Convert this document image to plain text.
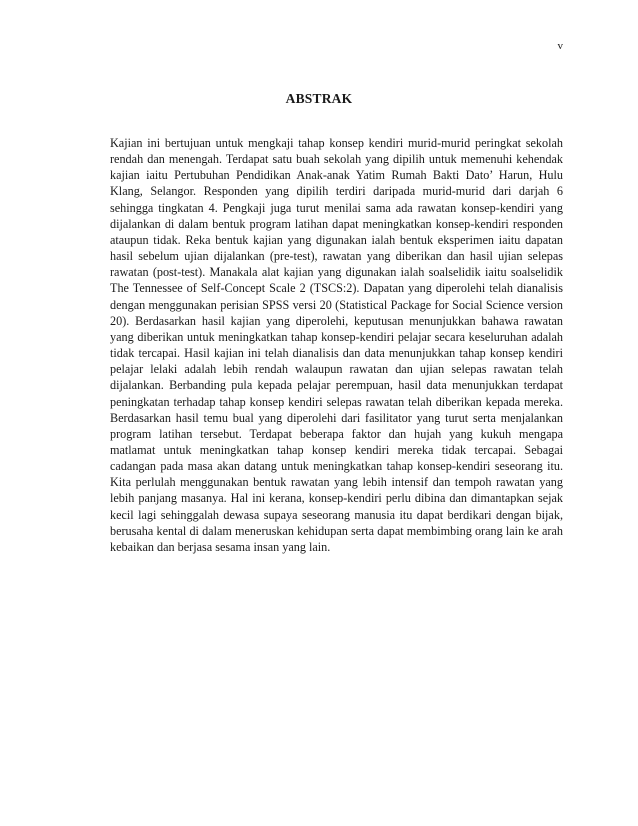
v
ABSTRAK

Kajian ini bertujuan untuk mengkaji tahap konsep kendiri murid-murid peringkat sekolah rendah dan menengah. Terdapat satu buah sekolah yang dipilih untuk memenuhi kehendak kajian iaitu Pertubuhan Pendidikan Anak-anak Yatim Rumah Bakti Dato’ Harun, Hulu Klang, Selangor. Responden yang dipilih terdiri daripada murid-murid dari darjah 6 sehingga tingkatan 4. Pengkaji juga turut menilai sama ada rawatan konsep-kendiri yang dijalankan di dalam bentuk program latihan dapat meningkatkan konsep-kendiri responden ataupun tidak. Reka bentuk kajian yang digunakan ialah bentuk eksperimen iaitu dapatan hasil sebelum ujian dijalankan (pre-test), rawatan yang diberikan dan hasil ujian selepas rawatan (post-test). Manakala alat kajian yang digunakan ialah soalselidik iaitu soalselidik The Tennessee of Self-Concept Scale 2 (TSCS:2). Dapatan yang diperolehi telah dianalisis dengan menggunakan perisian SPSS versi 20 (Statistical Package for Social Science version 20). Berdasarkan hasil kajian yang diperolehi, keputusan menunjukkan bahawa rawatan yang diberikan untuk meningkatkan tahap konsep-kendiri pelajar secara keseluruhan adalah tidak tercapai. Hasil kajian ini telah dianalisis dan data menunjukkan tahap konsep kendiri pelajar lelaki adalah lebih rendah walaupun rawatan dan ujian selepas rawatan telah dijalankan. Berbanding pula kepada pelajar perempuan, hasil data menunjukkan terdapat peningkatan terhadap tahap konsep kendiri selepas rawatan telah diberikan kepada mereka. Berdasarkan hasil temu bual yang diperolehi dari fasilitator yang turut serta menjalankan program latihan tersebut. Terdapat beberapa faktor dan hujah yang kukuh mengapa matlamat untuk meningkatkan tahap konsep kendiri mereka tidak tercapai. Sebagai cadangan pada masa akan datang untuk meningkatkan tahap konsep-kendiri seseorang itu. Kita perlulah menggunakan bentuk rawatan yang lebih intensif dan tempoh rawatan yang lebih panjang masanya. Hal ini kerana, konsep-kendiri perlu dibina dan dimantapkan sejak kecil lagi sehinggalah dewasa supaya seseorang manusia itu dapat berdikari dengan bijak, berusaha kental di dalam meneruskan kehidupan serta dapat membimbing orang lain ke arah kebaikan dan berjasa sesama insan yang lain.
